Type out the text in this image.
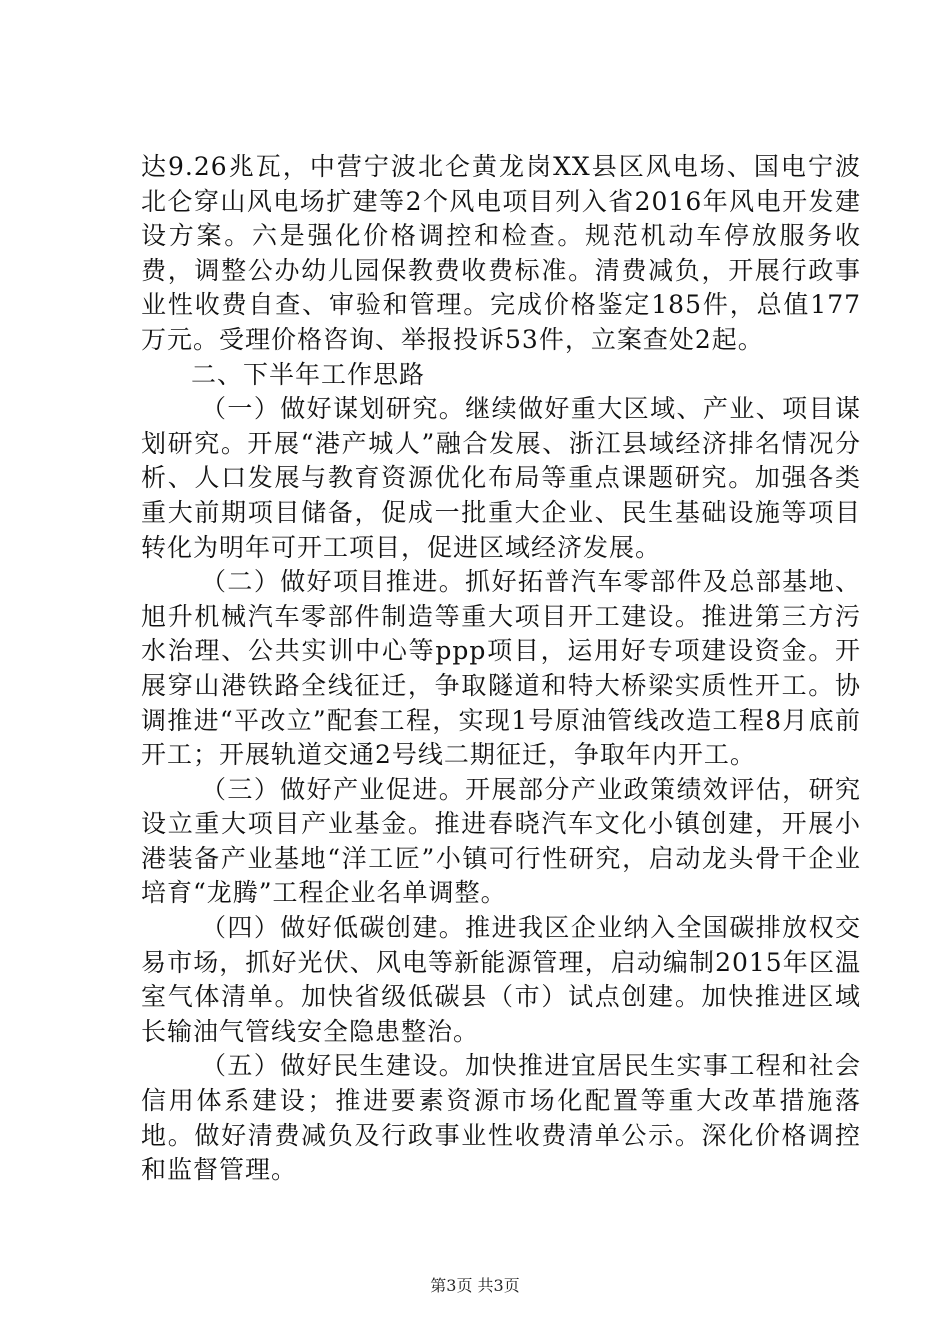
达9.26兆瓦，中营宁波北仑黄龙岗XX县区风电场、国电宁波北仑穿山风电场扩建等2个风电项目列入省2016年风电开发建设方案。六是强化价格调控和检查。规范机动车停放服务收费，调整公办幼儿园保教费收费标准。清费减负，开展行政事业性收费自查、审验和管理。完成价格鉴定185件，总值177万元。受理价格咨询、举报投诉53件，立案查处2起。

二、下半年工作思路

（一）做好谋划研究。继续做好重大区域、产业、项目谋划研究。开展“港产城人”融合发展、浙江县域经济排名情况分析、人口发展与教育资源优化布局等重点课题研究。加强各类重大前期项目储备，促成一批重大企业、民生基础设施等项目转化为明年可开工项目，促进区域经济发展。

（二）做好项目推进。抓好拓普汽车零部件及总部基地、旭升机械汽车零部件制造等重大项目开工建设。推进第三方污水治理、公共实训中心等ppp项目，运用好专项建设资金。开展穿山港铁路全线征迁，争取隧道和特大桥梁实质性开工。协调推进“平改立”配套工程，实现1号原油管线改造工程8月底前开工；开展轨道交通2号线二期征迁，争取年内开工。

（三）做好产业促进。开展部分产业政策绩效评估，研究设立重大项目产业基金。推进春晓汽车文化小镇创建，开展小港装备产业基地“洋工匠”小镇可行性研究，启动龙头骨干企业培育“龙腾”工程企业名单调整。

（四）做好低碳创建。推进我区企业纳入全国碳排放权交易市场，抓好光伏、风电等新能源管理，启动编制2015年区温室气体清单。加快省级低碳县（市）试点创建。加快推进区域长输油气管线安全隐患整治。

（五）做好民生建设。加快推进宜居民生实事工程和社会信用体系建设；推进要素资源市场化配置等重大改革措施落地。做好清费减负及行政事业性收费清单公示。深化价格调控和监督管理。

第3页 共3页
